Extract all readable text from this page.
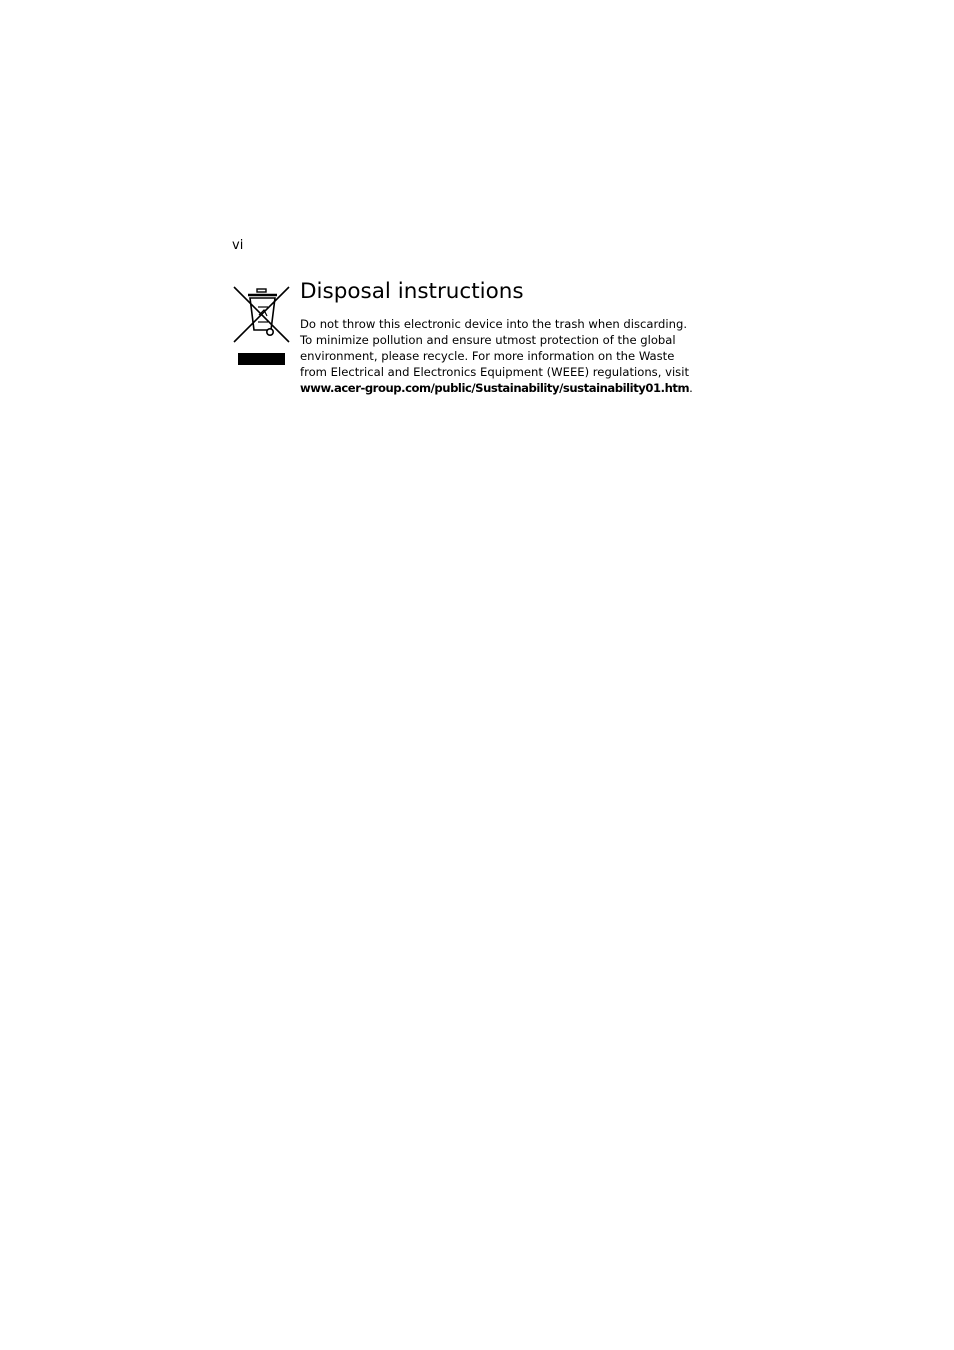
vi
Disposal instructions

Do not throw this electronic device into the trash when discarding.
To minimize pollution and ensure utmost protection of the global
environment, please recycle. For more information on the Waste
from Electrical and Electronics Equipment (WEEE) regulations, visit
www.acer-group.com/public/Sustainability/sustainability01.htm.
